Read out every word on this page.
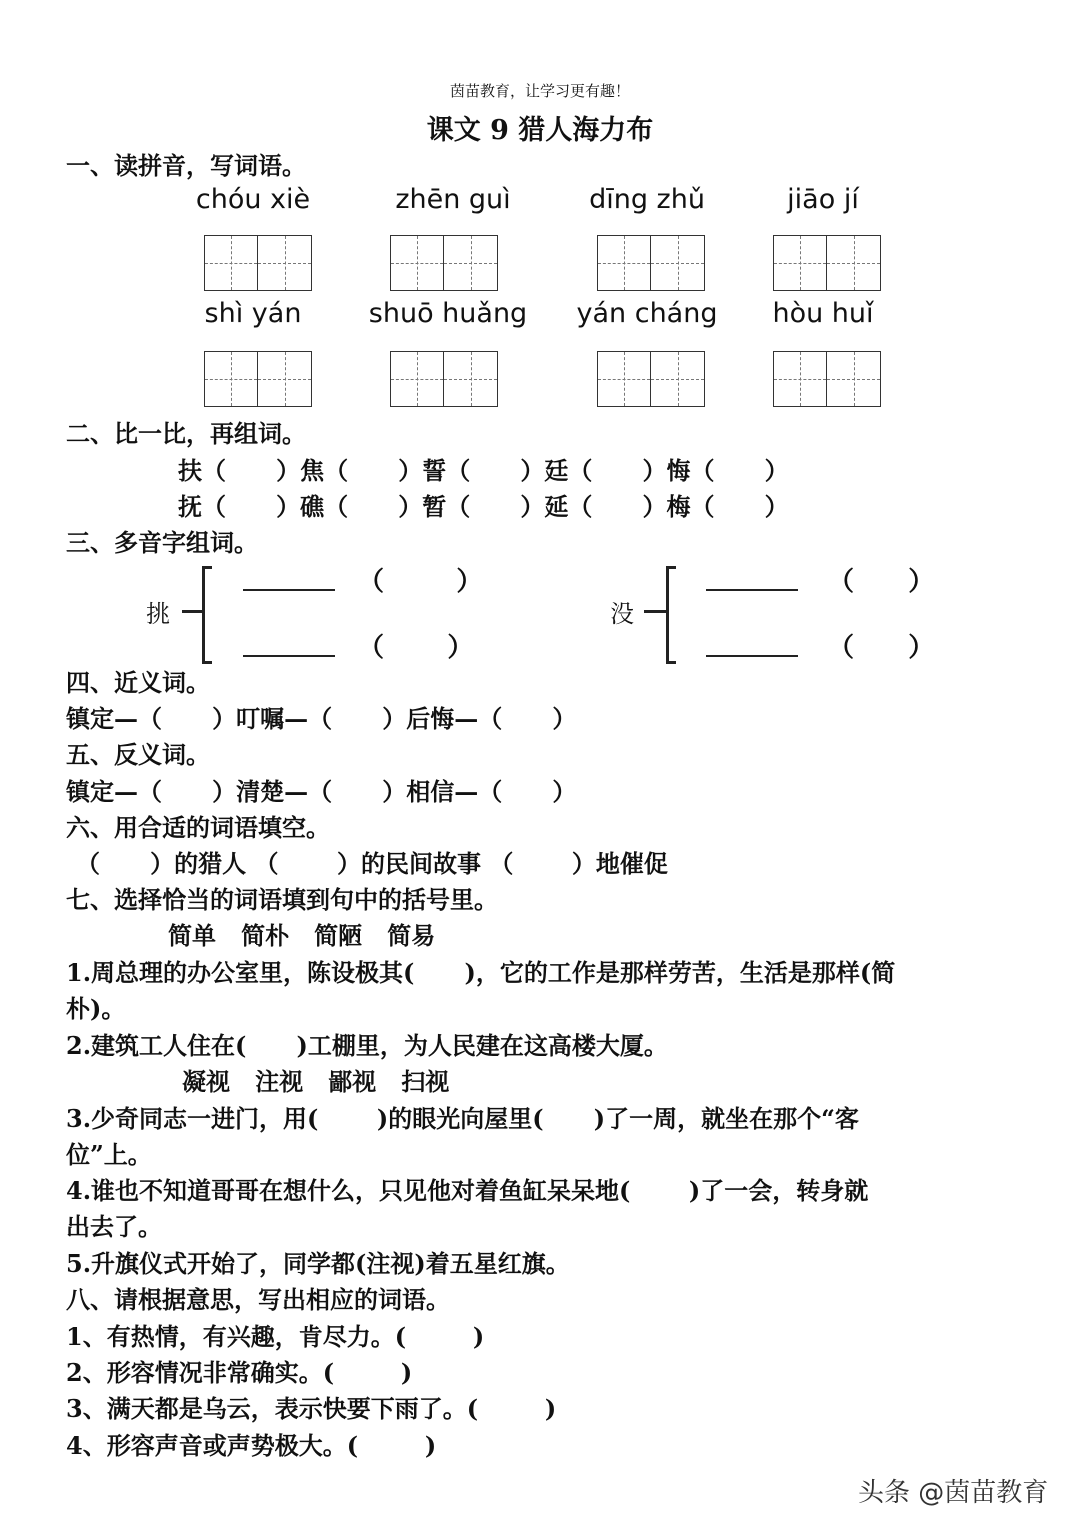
茵苗教育，让学习更有趣！
课文 9 猎人海力布
一、读拼音，写词语。
chóu xiè	zhēn guì	dīng zhǔ	jiāo jí
shì yán	shuō huǎng	yán cháng	hòu huǐ
二、比一比，再组词。
扶（      ）焦（      ）誓（      ）廷（      ）悔（      ）
抚（      ）礁（      ）暂（      ）延（      ）梅（      ）
三、多音字组词。
挑
（        ）
（       ）
没
（      ）
（      ）
四、近义词。
镇定—（      ）叮嘱—（      ）后悔—（      ）
五、反义词。
镇定—（      ）清楚—（      ）相信—（      ）
六、用合适的词语填空。
（      ）的猎人 （       ）的民间故事 （       ）地催促
七、选择恰当的词语填到句中的括号里。
简单   简朴   简陋   简易
1.周总理的办公室里，陈设极其(      )，它的工作是那样劳苦，生活是那样(简
朴)。
2.建筑工人住在(      )工棚里，为人民建在这高楼大厦。
凝视   注视   鄙视   扫视
3.少奇同志一进门，用(       )的眼光向屋里(      )了一周，就坐在那个“客
位”上。
4.谁也不知道哥哥在想什么，只见他对着鱼缸呆呆地(       )了一会，转身就
出去了。
5.升旗仪式开始了，同学都(注视)着五星红旗。
八、请根据意思，写出相应的词语。
1、有热情，有兴趣，肯尽力。(        )
2、形容情况非常确实。(        )
3、满天都是乌云，表示快要下雨了。(        )
4、形容声音或声势极大。(        )
头条 @茵苗教育
